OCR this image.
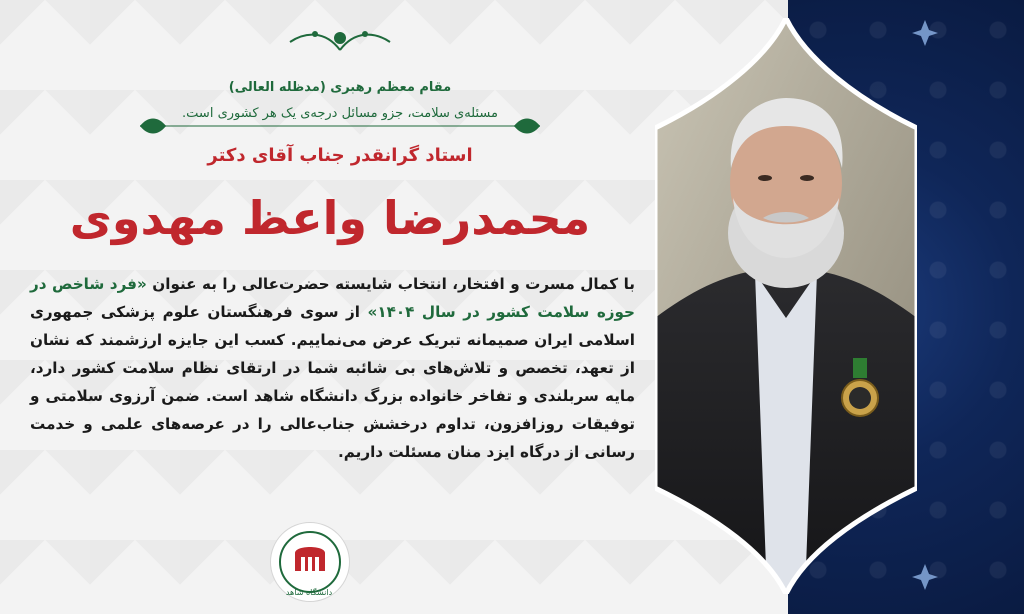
مقام معظم رهبری (مدظله العالی)
مسئله‌ی سلامت، جزو مسائل درجه‌ی یک هر کشوری است.
استاد گرانقدر جناب آقای دکتر
محمدرضا واعظ مهدوی
با کمال مسرت و افتخار، انتخاب شایسته حضرت‌عالی را به عنوان «فرد شاخص در حوزه سلامت کشور در سال ۱۴۰۴» از سوی فرهنگستان علوم پزشکی جمهوری اسلامی ایران صمیمانه تبریک عرض می‌نماییم. کسب این جایزه ارزشمند که نشان از تعهد، تخصص و تلاش‌های بی شائبه شما در ارتقای نظام سلامت کشور دارد، مایه سربلندی و تفاخر خانواده بزرگ دانشگاه شاهد است. ضمن آرزوی سلامتی و توفیقات روزافزون، تداوم درخشش جناب‌عالی را در عرصه‌های علمی و خدمت رسانی از درگاه ایزد منان مسئلت داریم.
دانشگاه شاهد
